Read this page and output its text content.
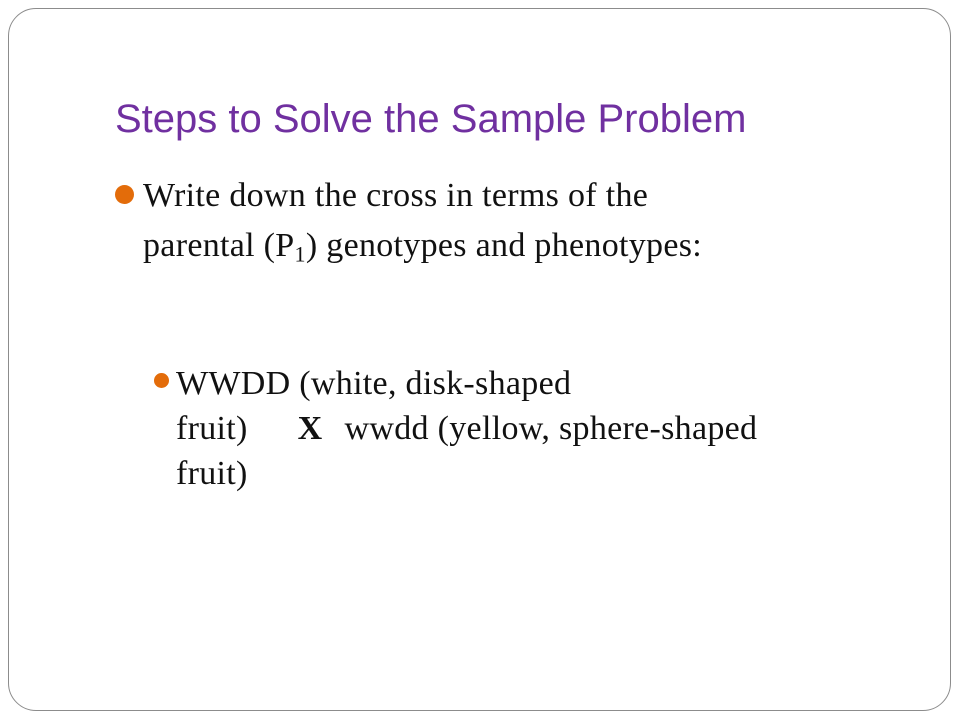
Steps to Solve the Sample Problem
Write down the cross in terms of the
parental $(P_1)$ genotypes and phenotypes:
WWDD (white, disk-shaped
fruit) X wwdd (yellow, sphere-shaped
fruit)
